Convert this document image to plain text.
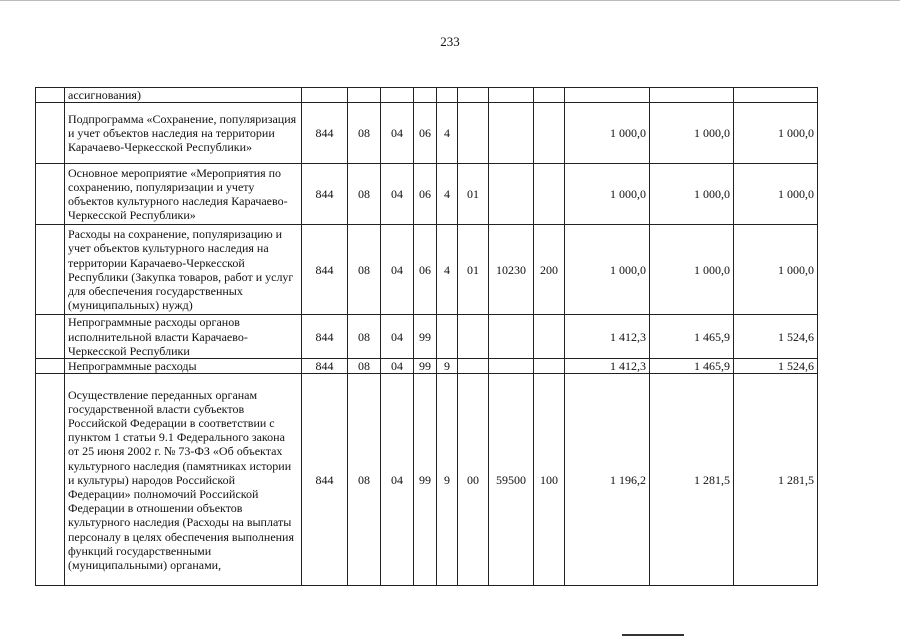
233
	ассигнования)											
	Подпрограмма «Сохранение, популяризация и учет объектов наследия на территории Карачаево-Черкесской Республики»	844	08	04	06	4				1 000,0	1 000,0	1 000,0
	Основное мероприятие «Мероприятия по сохранению, популяризации и учету объектов культурного наследия Карачаево-Черкесской Республики»	844	08	04	06	4	01			1 000,0	1 000,0	1 000,0
	Расходы на сохранение, популяризацию и учет объектов культурного наследия на территории Карачаево-Черкесской Республики (Закупка товаров, работ и услуг для обеспечения государственных (муниципальных) нужд)	844	08	04	06	4	01	10230	200	1 000,0	1 000,0	1 000,0
	Непрограммные расходы органов исполнительной власти Карачаево-Черкесской Республики	844	08	04	99					1 412,3	1 465,9	1 524,6
	Непрограммные расходы	844	08	04	99	9				1 412,3	1 465,9	1 524,6
	Осуществление переданных органам государственной власти субъектов Российской Федерации в соответствии с пунктом 1 статьи 9.1 Федерального закона от 25 июня 2002 г. № 73-ФЗ «Об объектах культурного наследия (памятниках истории и культуры) народов Российской Федерации» полномочий Российской Федерации в отношении объектов культурного наследия (Расходы на выплаты персоналу в целях обеспечения выполнения функций государственными (муниципальными) органами,	844	08	04	99	9	00	59500	100	1 196,2	1 281,5	1 281,5
